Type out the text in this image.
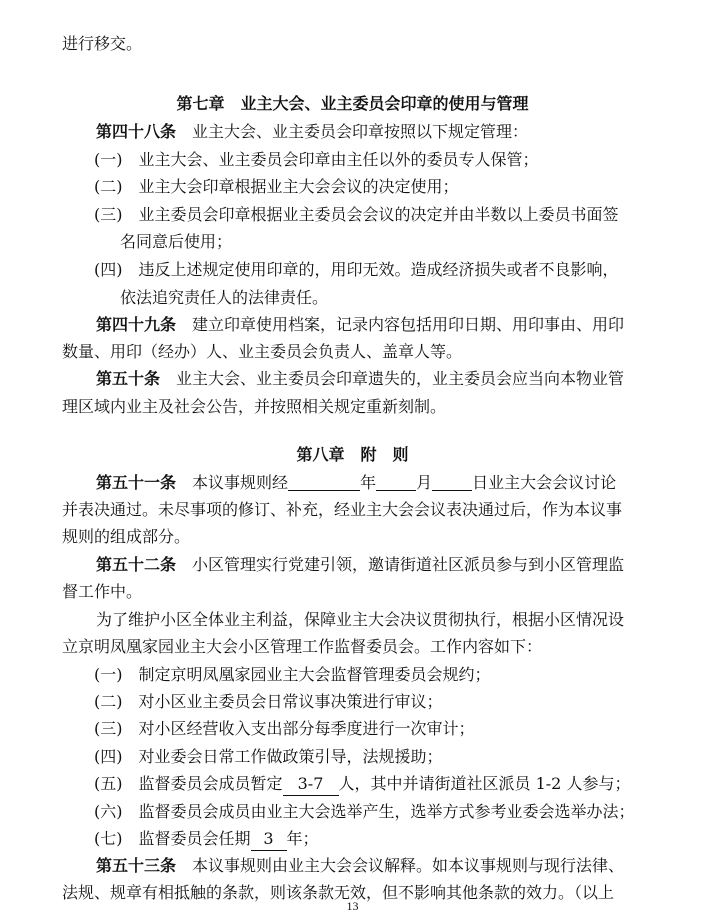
进行移交。
第七章　业主大会、业主委员会印章的使用与管理
第四十八条　 业主大会、业主委员会印章按照以下规定管理：
(一)　业主大会、业主委员会印章由主任以外的委员专人保管；
(二)　业主大会印章根据业主大会会议的决定使用；
(三)　业主委员会印章根据业主委员会会议的决定并由半数以上委员书面签
名同意后使用；
(四)　违反上述规定使用印章的，用印无效。造成经济损失或者不良影响，
依法追究责任人的法律责任。
第四十九条　 建立印章使用档案，记录内容包括用印日期、用印事由、用印
数量、用印（经办）人、业主委员会负责人、盖章人等。
第五十条　 业主大会、业主委员会印章遗失的，业主委员会应当向本物业管
理区域内业主及社会公告，并按照相关规定重新刻制。
第八章　附　则
第五十一条　 本议事规则经	年	月	日业主大会会议讨论
并表决通过。未尽事项的修订、补充，经业主大会会议表决通过后，作为本议事
规则的组成部分。
第五十二条　 小区管理实行党建引领，邀请街道社区派员参与到小区管理监
督工作中。
为了维护小区全体业主利益，保障业主大会决议贯彻执行，根据小区情况设
立京明凤凰家园业主大会小区管理工作监督委员会。工作内容如下：
(一)　制定京明凤凰家园业主大会监督管理委员会规约；
(二)　对小区业主委员会日常议事决策进行审议；
(三)　对小区经营收入支出部分每季度进行一次审计；
(四)　对业委会日常工作做政策引导，法规援助；
(五)　监督委员会成员暂定 3-7 人，其中并请街道社区派员 1-2 人参与；
(六)　监督委员会成员由业主大会选举产生，选举方式参考业委会选举办法；
(七)　监督委员会任期 3 年；
第五十三条　 本议事规则由业主大会会议解释。如本议事规则与现行法律、
法规、规章有相抵触的条款，则该条款无效，但不影响其他条款的效力。（以上
13
